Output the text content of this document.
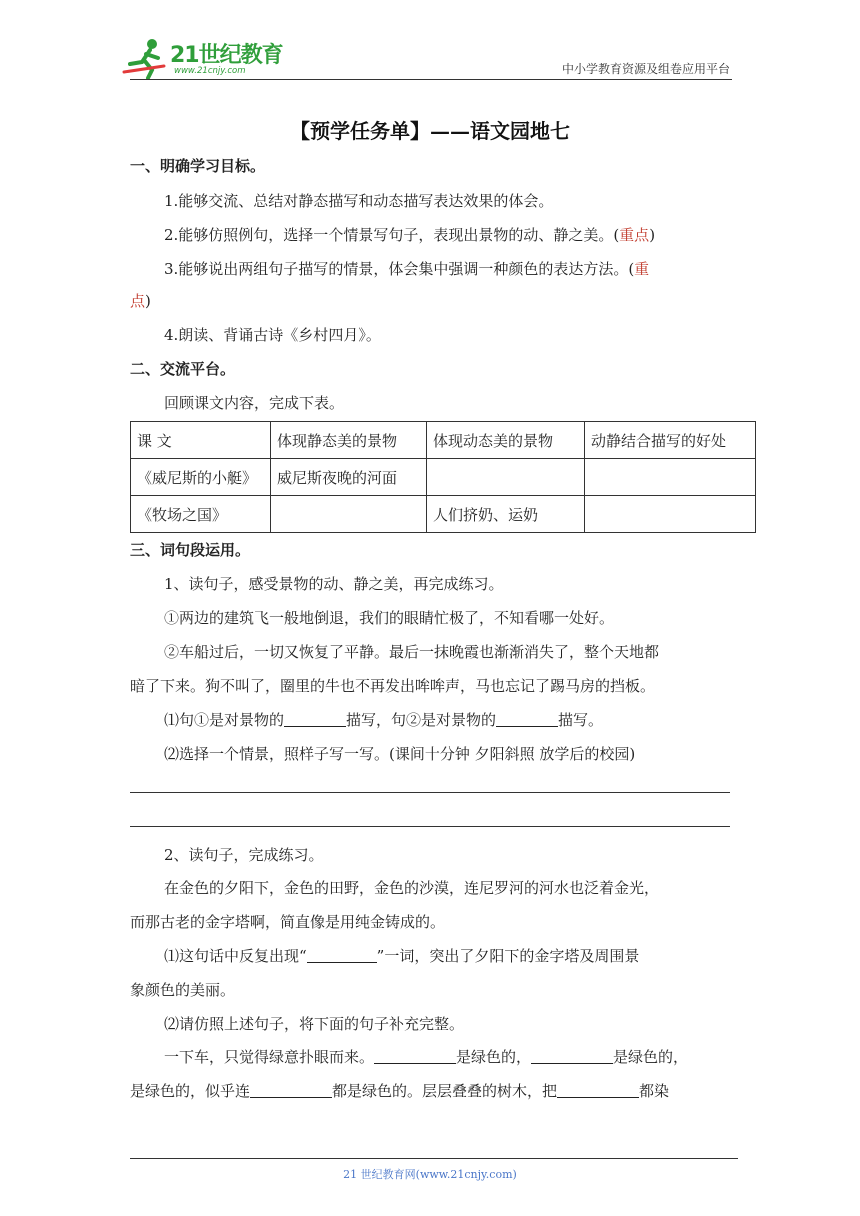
21世纪教育
www.21cnjy.com	中小学教育资源及组卷应用平台
【预学任务单】——语文园地七
一、明确学习目标。
1.能够交流、总结对静态描写和动态描写表达效果的体会。
2.能够仿照例句，选择一个情景写句子，表现出景物的动、静之美。(重点)
3.能够说出两组句子描写的情景，体会集中强调一种颜色的表达方法。(重
点)
4.朗读、背诵古诗《乡村四月》。
二、交流平台。
回顾课文内容，完成下表。
课 文	体现静态美的景物	体现动态美的景物	动静结合描写的好处
《威尼斯的小艇》	威尼斯夜晚的河面		
《牧场之国》		人们挤奶、运奶	
三、词句段运用。
1、读句子，感受景物的动、静之美，再完成练习。
①两边的建筑飞一般地倒退，我们的眼睛忙极了，不知看哪一处好。
②车船过后，一切又恢复了平静。最后一抹晚霞也渐渐消失了，整个天地都
暗了下来。狗不叫了，圈里的牛也不再发出哞哞声，马也忘记了踢马房的挡板。
⑴句①是对景物的	描写，句②是对景物的	描写。
⑵选择一个情景，照样子写一写。(课间十分钟 夕阳斜照 放学后的校园)
2、读句子，完成练习。
在金色的夕阳下，金色的田野，金色的沙漠，连尼罗河的河水也泛着金光，
而那古老的金字塔啊，简直像是用纯金铸成的。
⑴这句话中反复出现“	”一词，突出了夕阳下的金字塔及周围景
象颜色的美丽。
⑵请仿照上述句子，将下面的句子补充完整。
一下车，只觉得绿意扑眼而来。	是绿色的，	是绿色的，
是绿色的，似乎连	都是绿色的。层层叠叠的树木，把	都染
21 世纪教育网(www.21cnjy.com)
